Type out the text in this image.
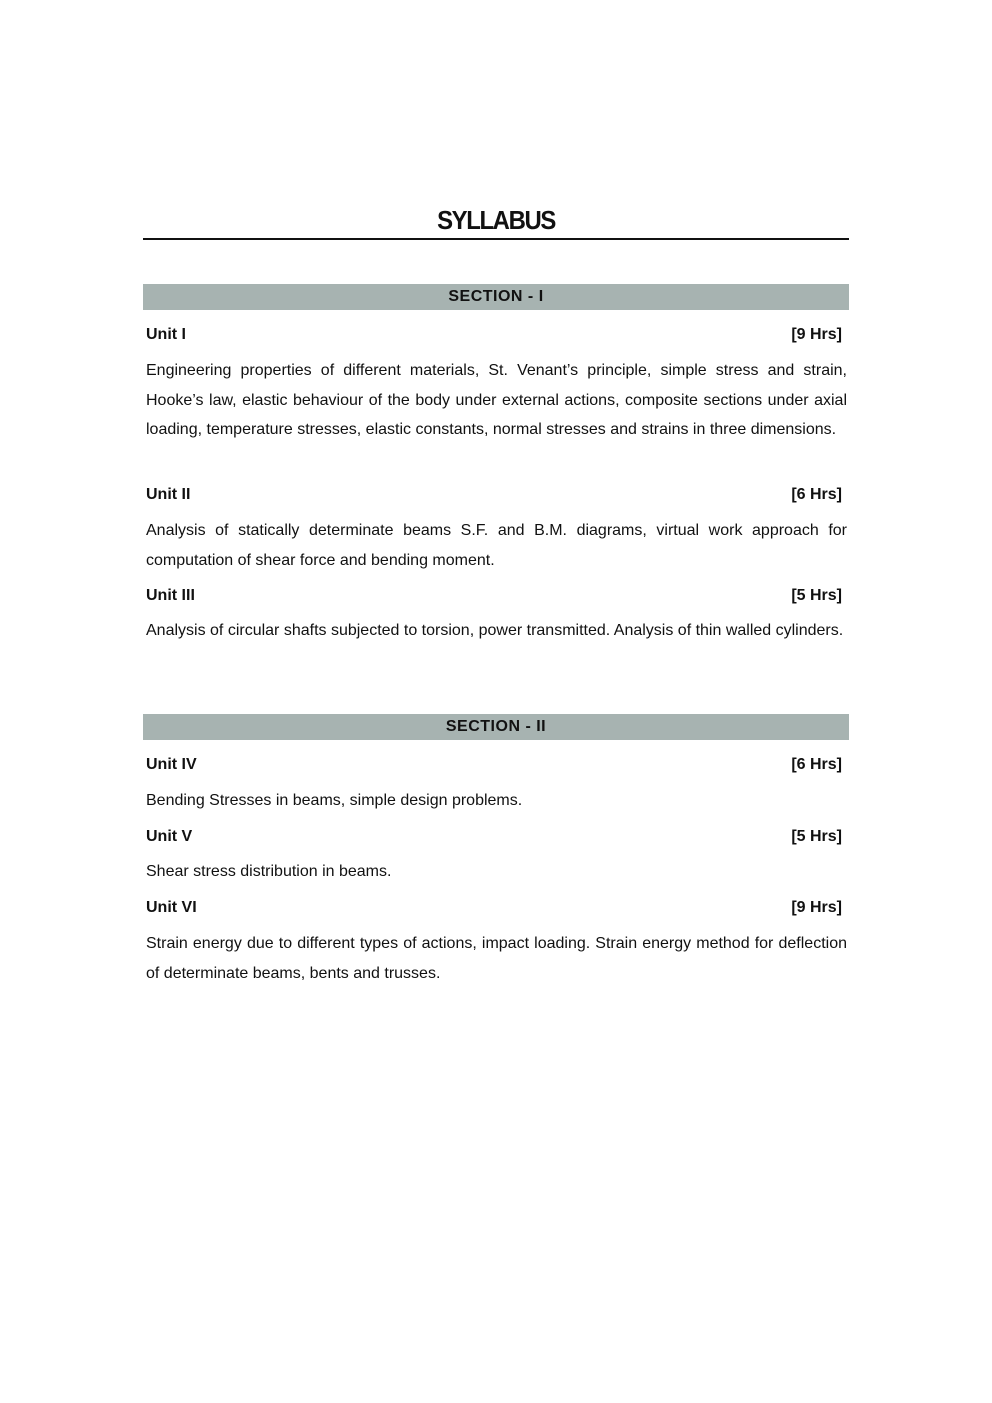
SYLLABUS
SECTION - I
Unit I	[9 Hrs]
Engineering properties of different materials, St. Venant’s principle, simple stress and strain, Hooke’s law, elastic behaviour of the body under external actions, composite sections under axial loading, temperature stresses, elastic constants, normal stresses and strains in three dimensions.
Unit II	[6 Hrs]
Analysis of statically determinate beams S.F. and B.M. diagrams, virtual work approach for computation of shear force and bending moment.
Unit III	[5 Hrs]
Analysis of circular shafts subjected to torsion, power transmitted. Analysis of thin walled cylinders.
SECTION - II
Unit IV	[6 Hrs]
Bending Stresses in beams, simple design problems.
Unit V	[5 Hrs]
Shear stress distribution in beams.
Unit VI	[9 Hrs]
Strain energy due to different types of actions, impact loading. Strain energy method for deflection of determinate beams, bents and trusses.
